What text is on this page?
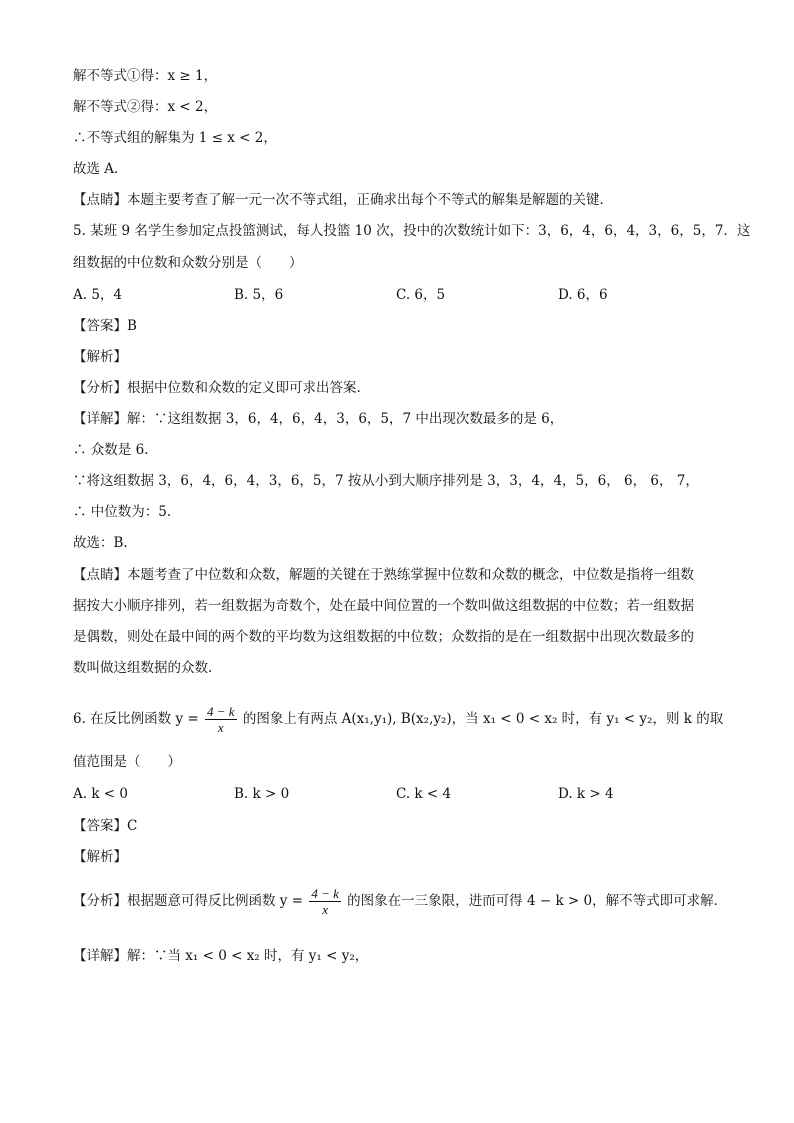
解不等式①得：x ≥ 1，
解不等式②得：x < 2，
∴不等式组的解集为 1 ≤ x < 2，
故选 A．
【点睛】本题主要考查了解一元一次不等式组，正确求出每个不等式的解集是解题的关键．
5. 某班 9 名学生参加定点投篮测试，每人投篮 10 次，投中的次数统计如下：3，6，4，6，4，3，6，5，7．这
组数据的中位数和众数分别是（　　）
A. 5，4	B. 5，6	C. 6，5	D. 6，6
【答案】B
【解析】
【分析】根据中位数和众数的定义即可求出答案.
【详解】解：∵这组数据 3，6，4，6，4，3，6，5，7 中出现次数最多的是 6，
∴ 众数是 6.
∵将这组数据 3，6，4，6，4，3，6，5，7 按从小到大顺序排列是 3，3，4，4，5，6， 6， 6， 7，
∴ 中位数为：5.
故选：B.
【点睛】本题考查了中位数和众数，解题的关键在于熟练掌握中位数和众数的概念，中位数是指将一组数
据按大小顺序排列，若一组数据为奇数个，处在最中间位置的一个数叫做这组数据的中位数；若一组数据
是偶数，则处在最中间的两个数的平均数为这组数据的中位数；众数指的是在一组数据中出现次数最多的
数叫做这组数据的众数.
6. 在反比例函数 $y = \frac{4 - k}{x}$ 的图象上有两点 A(x₁,y₁), B(x₂,y₂)，当 x₁ < 0 < x₂ 时，有 y₁ < y₂，则 k 的取
值范围是（　　）
A. k < 0	B. k > 0	C. k < 4	D. k > 4
【答案】C
【解析】
【分析】根据题意可得反比例函数 $y = \frac{4 - k}{x}$ 的图象在一三象限，进而可得 4 − k > 0，解不等式即可求解．
【详解】解：∵当 x₁ < 0 < x₂ 时，有 y₁ < y₂，
